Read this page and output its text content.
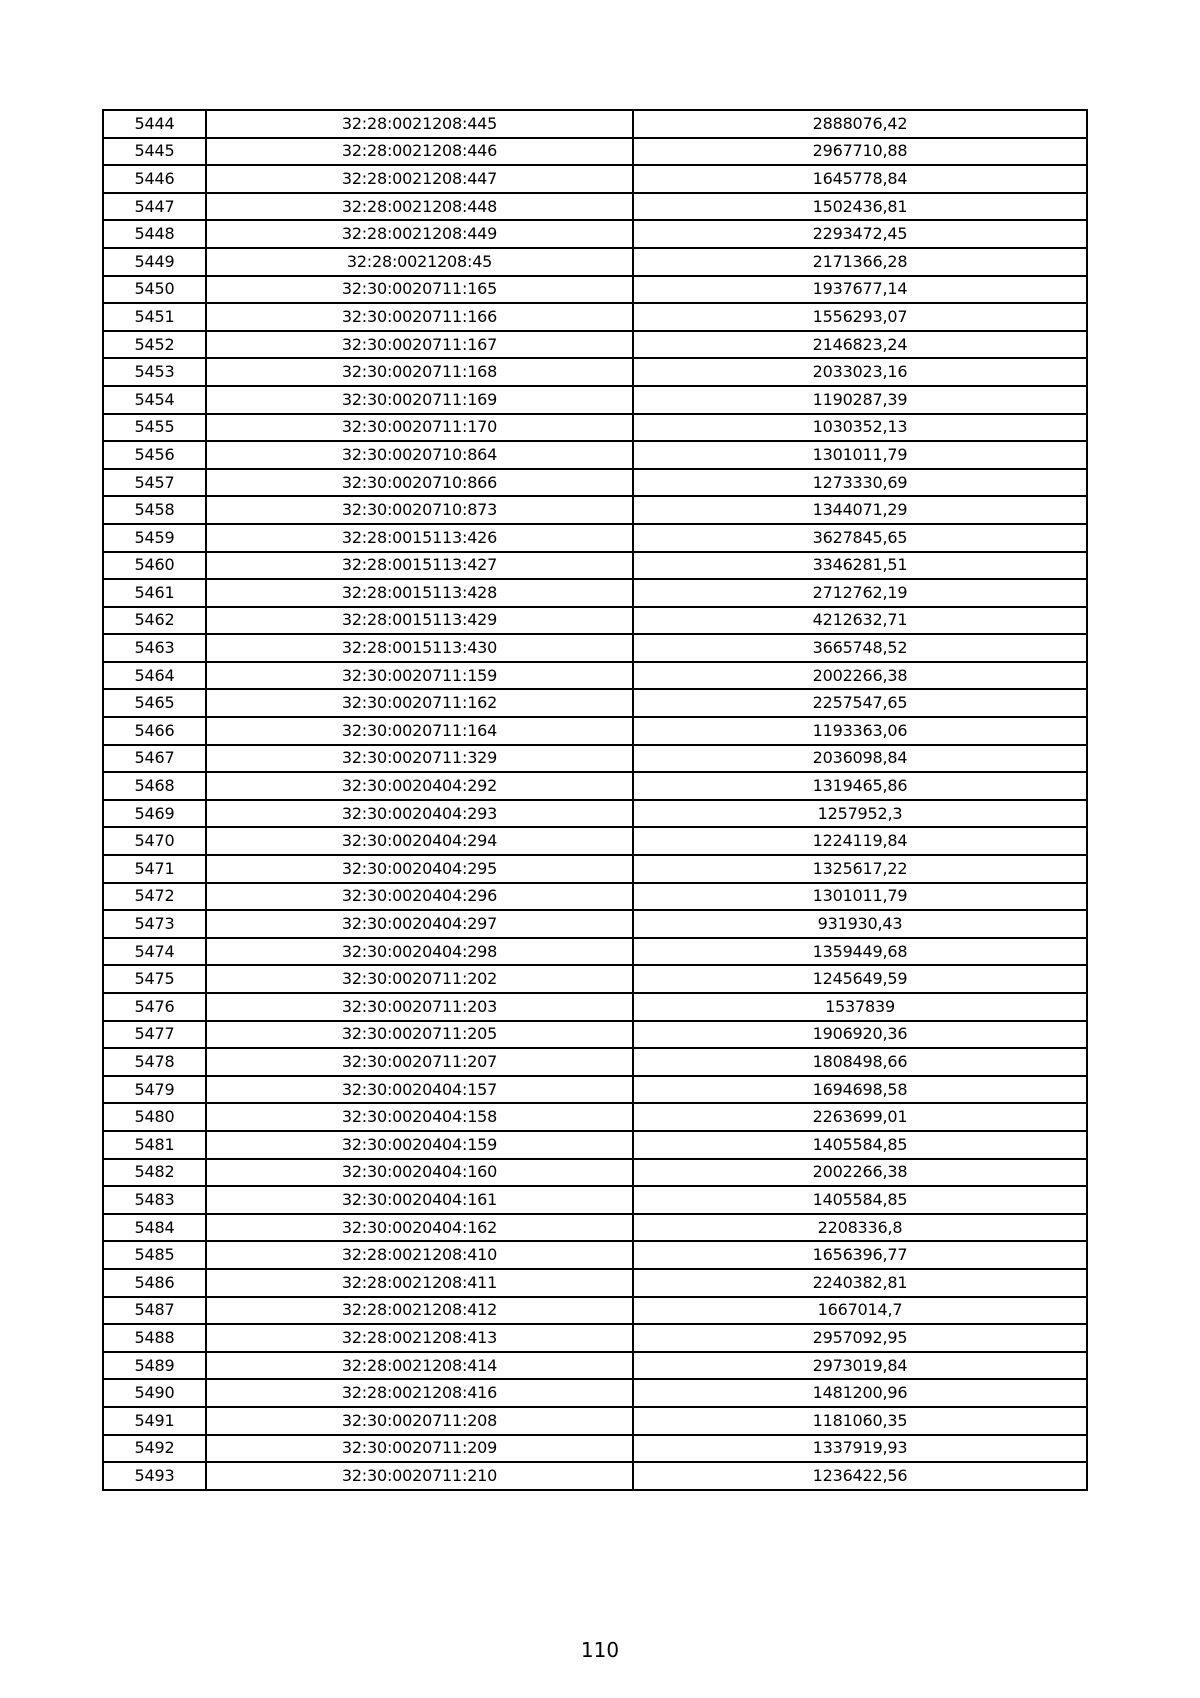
5444	32:28:0021208:445	2888076,42
5445	32:28:0021208:446	2967710,88
5446	32:28:0021208:447	1645778,84
5447	32:28:0021208:448	1502436,81
5448	32:28:0021208:449	2293472,45
5449	32:28:0021208:45	2171366,28
5450	32:30:0020711:165	1937677,14
5451	32:30:0020711:166	1556293,07
5452	32:30:0020711:167	2146823,24
5453	32:30:0020711:168	2033023,16
5454	32:30:0020711:169	1190287,39
5455	32:30:0020711:170	1030352,13
5456	32:30:0020710:864	1301011,79
5457	32:30:0020710:866	1273330,69
5458	32:30:0020710:873	1344071,29
5459	32:28:0015113:426	3627845,65
5460	32:28:0015113:427	3346281,51
5461	32:28:0015113:428	2712762,19
5462	32:28:0015113:429	4212632,71
5463	32:28:0015113:430	3665748,52
5464	32:30:0020711:159	2002266,38
5465	32:30:0020711:162	2257547,65
5466	32:30:0020711:164	1193363,06
5467	32:30:0020711:329	2036098,84
5468	32:30:0020404:292	1319465,86
5469	32:30:0020404:293	1257952,3
5470	32:30:0020404:294	1224119,84
5471	32:30:0020404:295	1325617,22
5472	32:30:0020404:296	1301011,79
5473	32:30:0020404:297	931930,43
5474	32:30:0020404:298	1359449,68
5475	32:30:0020711:202	1245649,59
5476	32:30:0020711:203	1537839
5477	32:30:0020711:205	1906920,36
5478	32:30:0020711:207	1808498,66
5479	32:30:0020404:157	1694698,58
5480	32:30:0020404:158	2263699,01
5481	32:30:0020404:159	1405584,85
5482	32:30:0020404:160	2002266,38
5483	32:30:0020404:161	1405584,85
5484	32:30:0020404:162	2208336,8
5485	32:28:0021208:410	1656396,77
5486	32:28:0021208:411	2240382,81
5487	32:28:0021208:412	1667014,7
5488	32:28:0021208:413	2957092,95
5489	32:28:0021208:414	2973019,84
5490	32:28:0021208:416	1481200,96
5491	32:30:0020711:208	1181060,35
5492	32:30:0020711:209	1337919,93
5493	32:30:0020711:210	1236422,56
110
